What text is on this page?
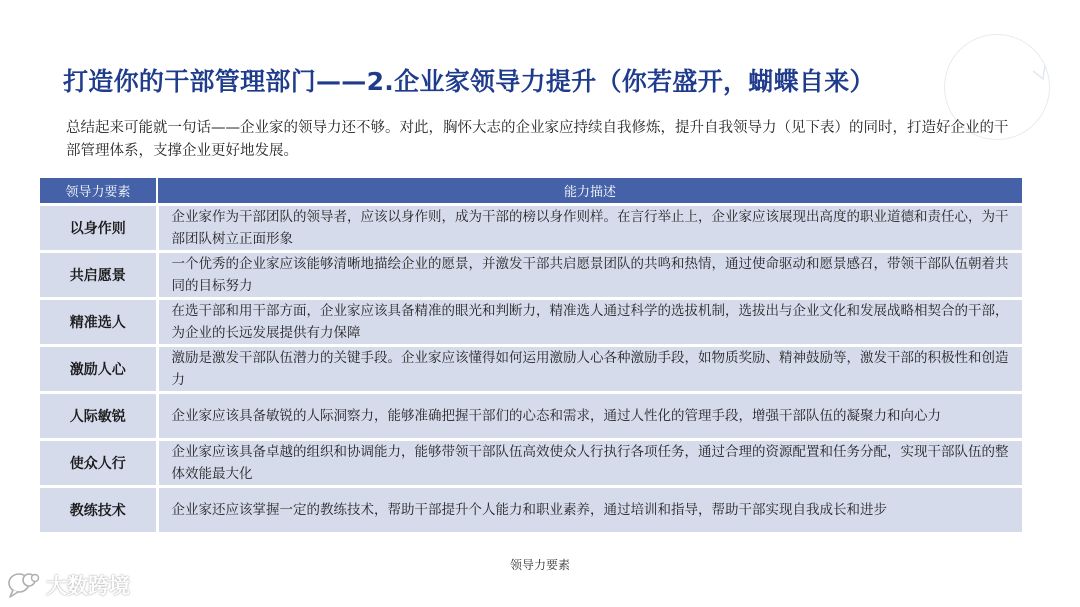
打造你的干部管理部门——2.企业家领导力提升（你若盛开，蝴蝶自来）
总结起来可能就一句话——企业家的领导力还不够。对此，胸怀大志的企业家应持续自我修炼，提升自我领导力（见下表）的同时，打造好企业的干部管理体系，支撑企业更好地发展。
领导力要素	能力描述
以身作则	企业家作为干部团队的领导者，应该以身作则，成为干部的榜以身作则样。在言行举止上，企业家应该展现出高度的职业道德和责任心，为干部团队树立正面形象
共启愿景	一个优秀的企业家应该能够清晰地描绘企业的愿景，并激发干部共启愿景团队的共鸣和热情，通过使命驱动和愿景感召，带领干部队伍朝着共同的目标努力
精准选人	在选干部和用干部方面，企业家应该具备精准的眼光和判断力，精准选人通过科学的选拔机制，选拔出与企业文化和发展战略相契合的干部，为企业的长远发展提供有力保障
激励人心	激励是激发干部队伍潜力的关键手段。企业家应该懂得如何运用激励人心各种激励手段，如物质奖励、精神鼓励等，激发干部的积极性和创造力
人际敏锐	企业家应该具备敏锐的人际洞察力，能够准确把握干部们的心态和需求，通过人性化的管理手段，增强干部队伍的凝聚力和向心力
使众人行	企业家应该具备卓越的组织和协调能力，能够带领干部队伍高效使众人行执行各项任务，通过合理的资源配置和任务分配，实现干部队伍的整体效能最大化
教练技术	企业家还应该掌握一定的教练技术，帮助干部提升个人能力和职业素养，通过培训和指导，帮助干部实现自我成长和进步
领导力要素
大数跨境
